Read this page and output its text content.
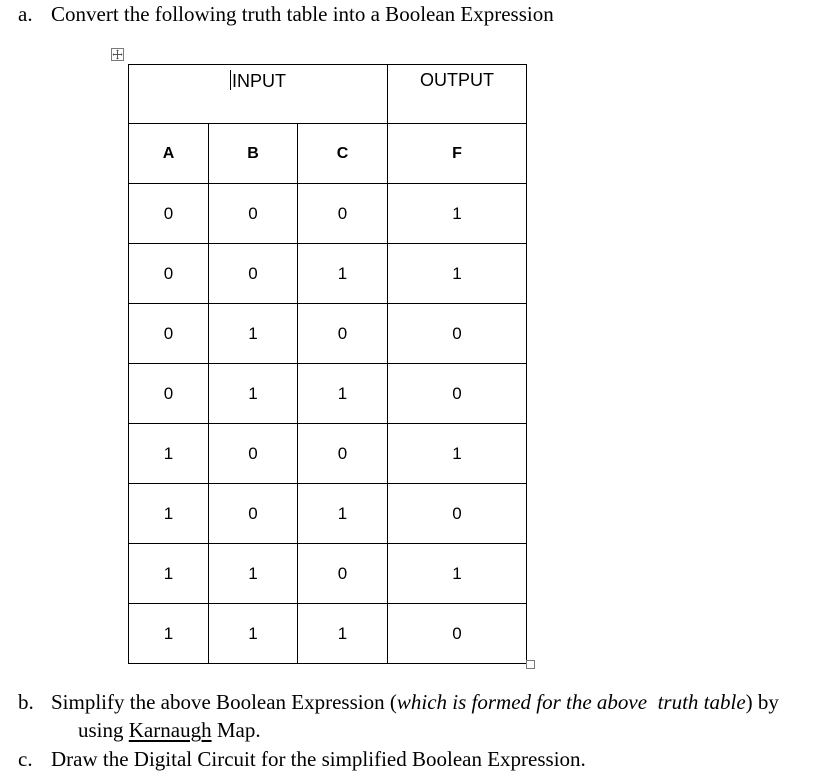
a. Convert the following truth table into a Boolean Expression
INPUT			OUTPUT
A	B	C	F
0	0	0	1
0	0	1	1
0	1	0	0
0	1	1	0
1	0	0	1
1	0	1	0
1	1	0	1
1	1	1	0
b. Simplify the above Boolean Expression (which is formed for the above  truth table) by
using Karnaugh Map.
c. Draw the Digital Circuit for the simplified Boolean Expression.
